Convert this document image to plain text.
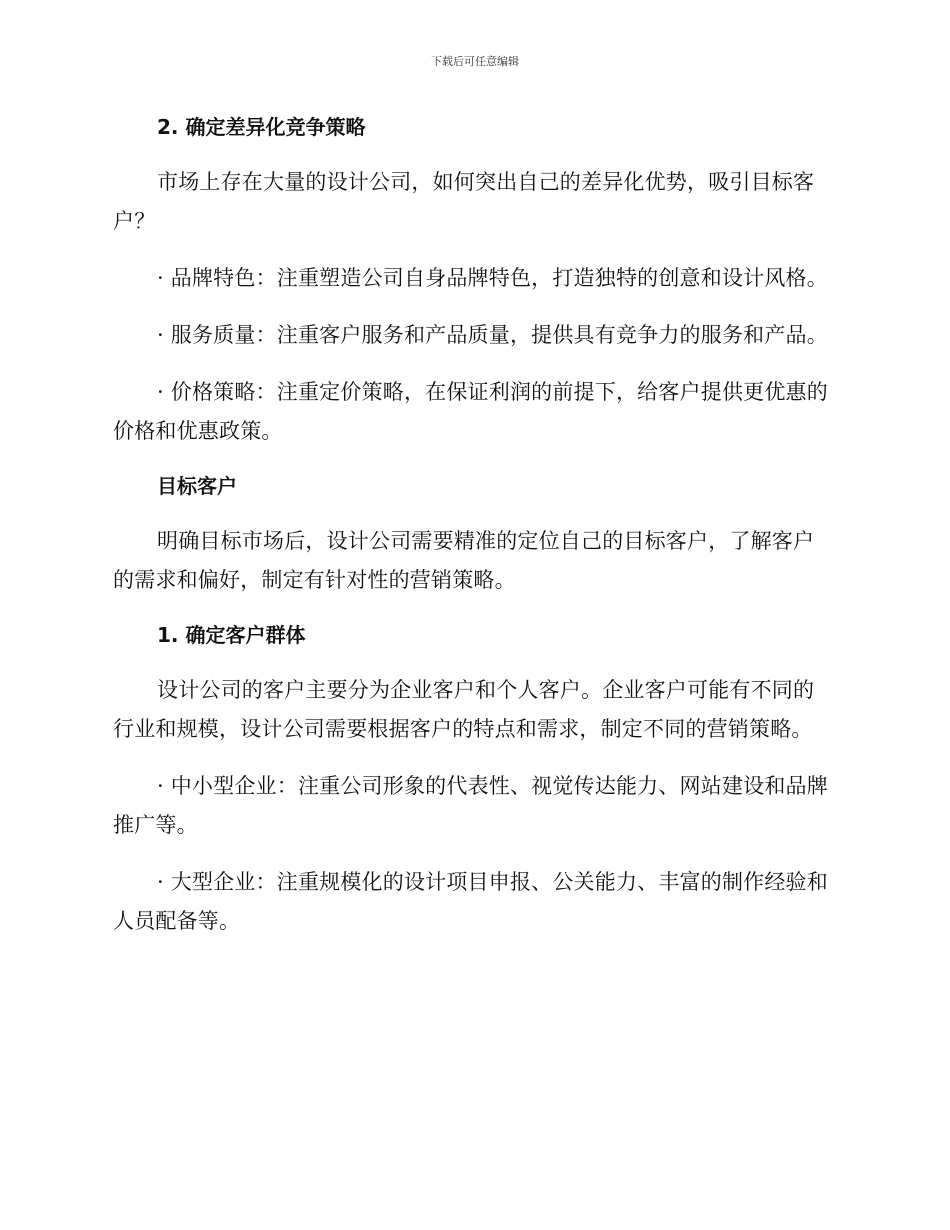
下载后可任意编辑

2. 确定差异化竞争策略

市场上存在大量的设计公司，如何突出自己的差异化优势，吸引目标客户？

· 品牌特色：注重塑造公司自身品牌特色，打造独特的创意和设计风格。

· 服务质量：注重客户服务和产品质量，提供具有竞争力的服务和产品。

· 价格策略：注重定价策略，在保证利润的前提下，给客户提供更优惠的价格和优惠政策。

目标客户

明确目标市场后，设计公司需要精准的定位自己的目标客户，了解客户的需求和偏好，制定有针对性的营销策略。

1. 确定客户群体

设计公司的客户主要分为企业客户和个人客户。企业客户可能有不同的行业和规模，设计公司需要根据客户的特点和需求，制定不同的营销策略。

· 中小型企业：注重公司形象的代表性、视觉传达能力、网站建设和品牌推广等。

· 大型企业：注重规模化的设计项目申报、公关能力、丰富的制作经验和人员配备等。
